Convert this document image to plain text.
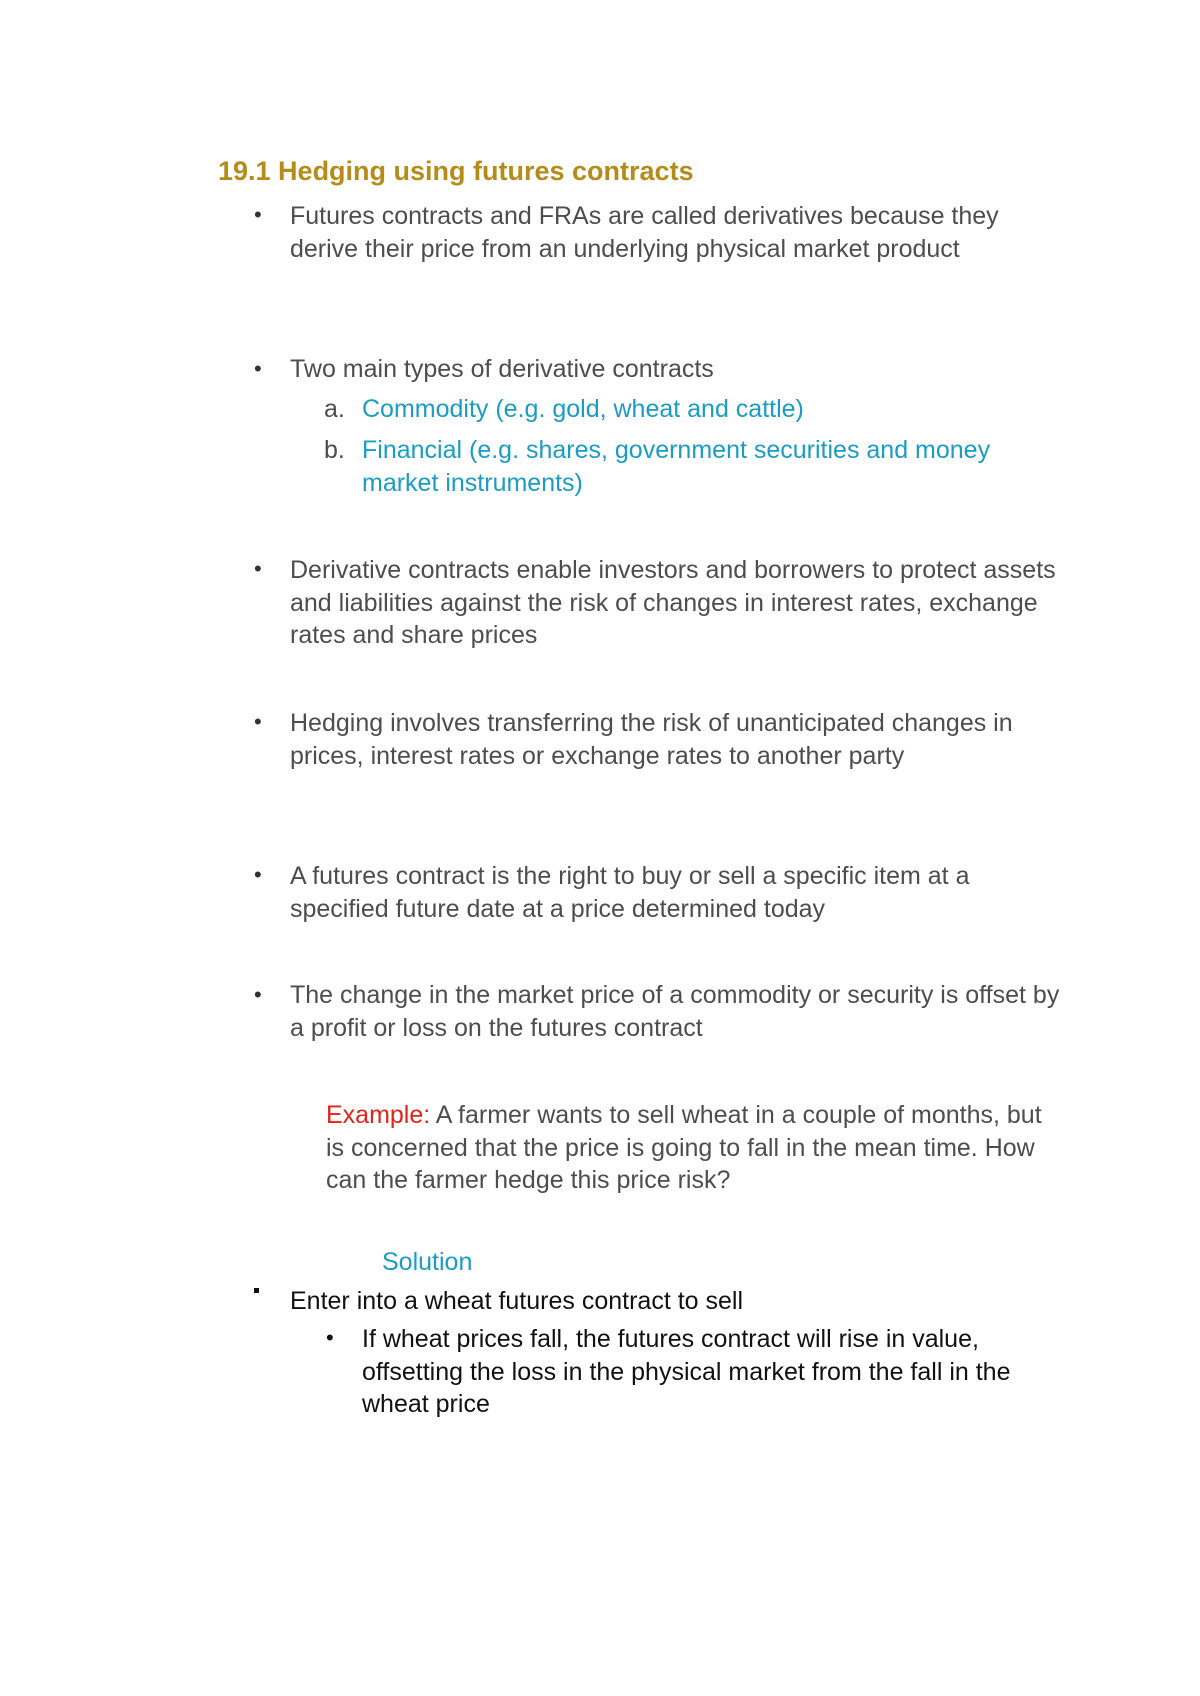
19.1 Hedging using futures contracts
• Futures contracts and FRAs are called derivatives because they derive their price from an underlying physical market product

• Two main types of derivative contracts

a. Commodity (e.g. gold, wheat and cattle)

b. Financial (e.g. shares, government securities and money market instruments)

• Derivative contracts enable investors and borrowers to protect assets and liabilities against the risk of changes in interest rates, exchange rates and share prices

• Hedging involves transferring the risk of unanticipated changes in prices, interest rates or exchange rates to another party

• A futures contract is the right to buy or sell a specific item at a specified future date at a price determined today

• The change in the market price of a commodity or security is offset by a profit or loss on the futures contract

Example: A farmer wants to sell wheat in a couple of months, but is concerned that the price is going to fall in the mean time. How can the farmer hedge this price risk?

Solution

Enter into a wheat futures contract to sell

• If wheat prices fall, the futures contract will rise in value, offsetting the loss in the physical market from the fall in the wheat price
